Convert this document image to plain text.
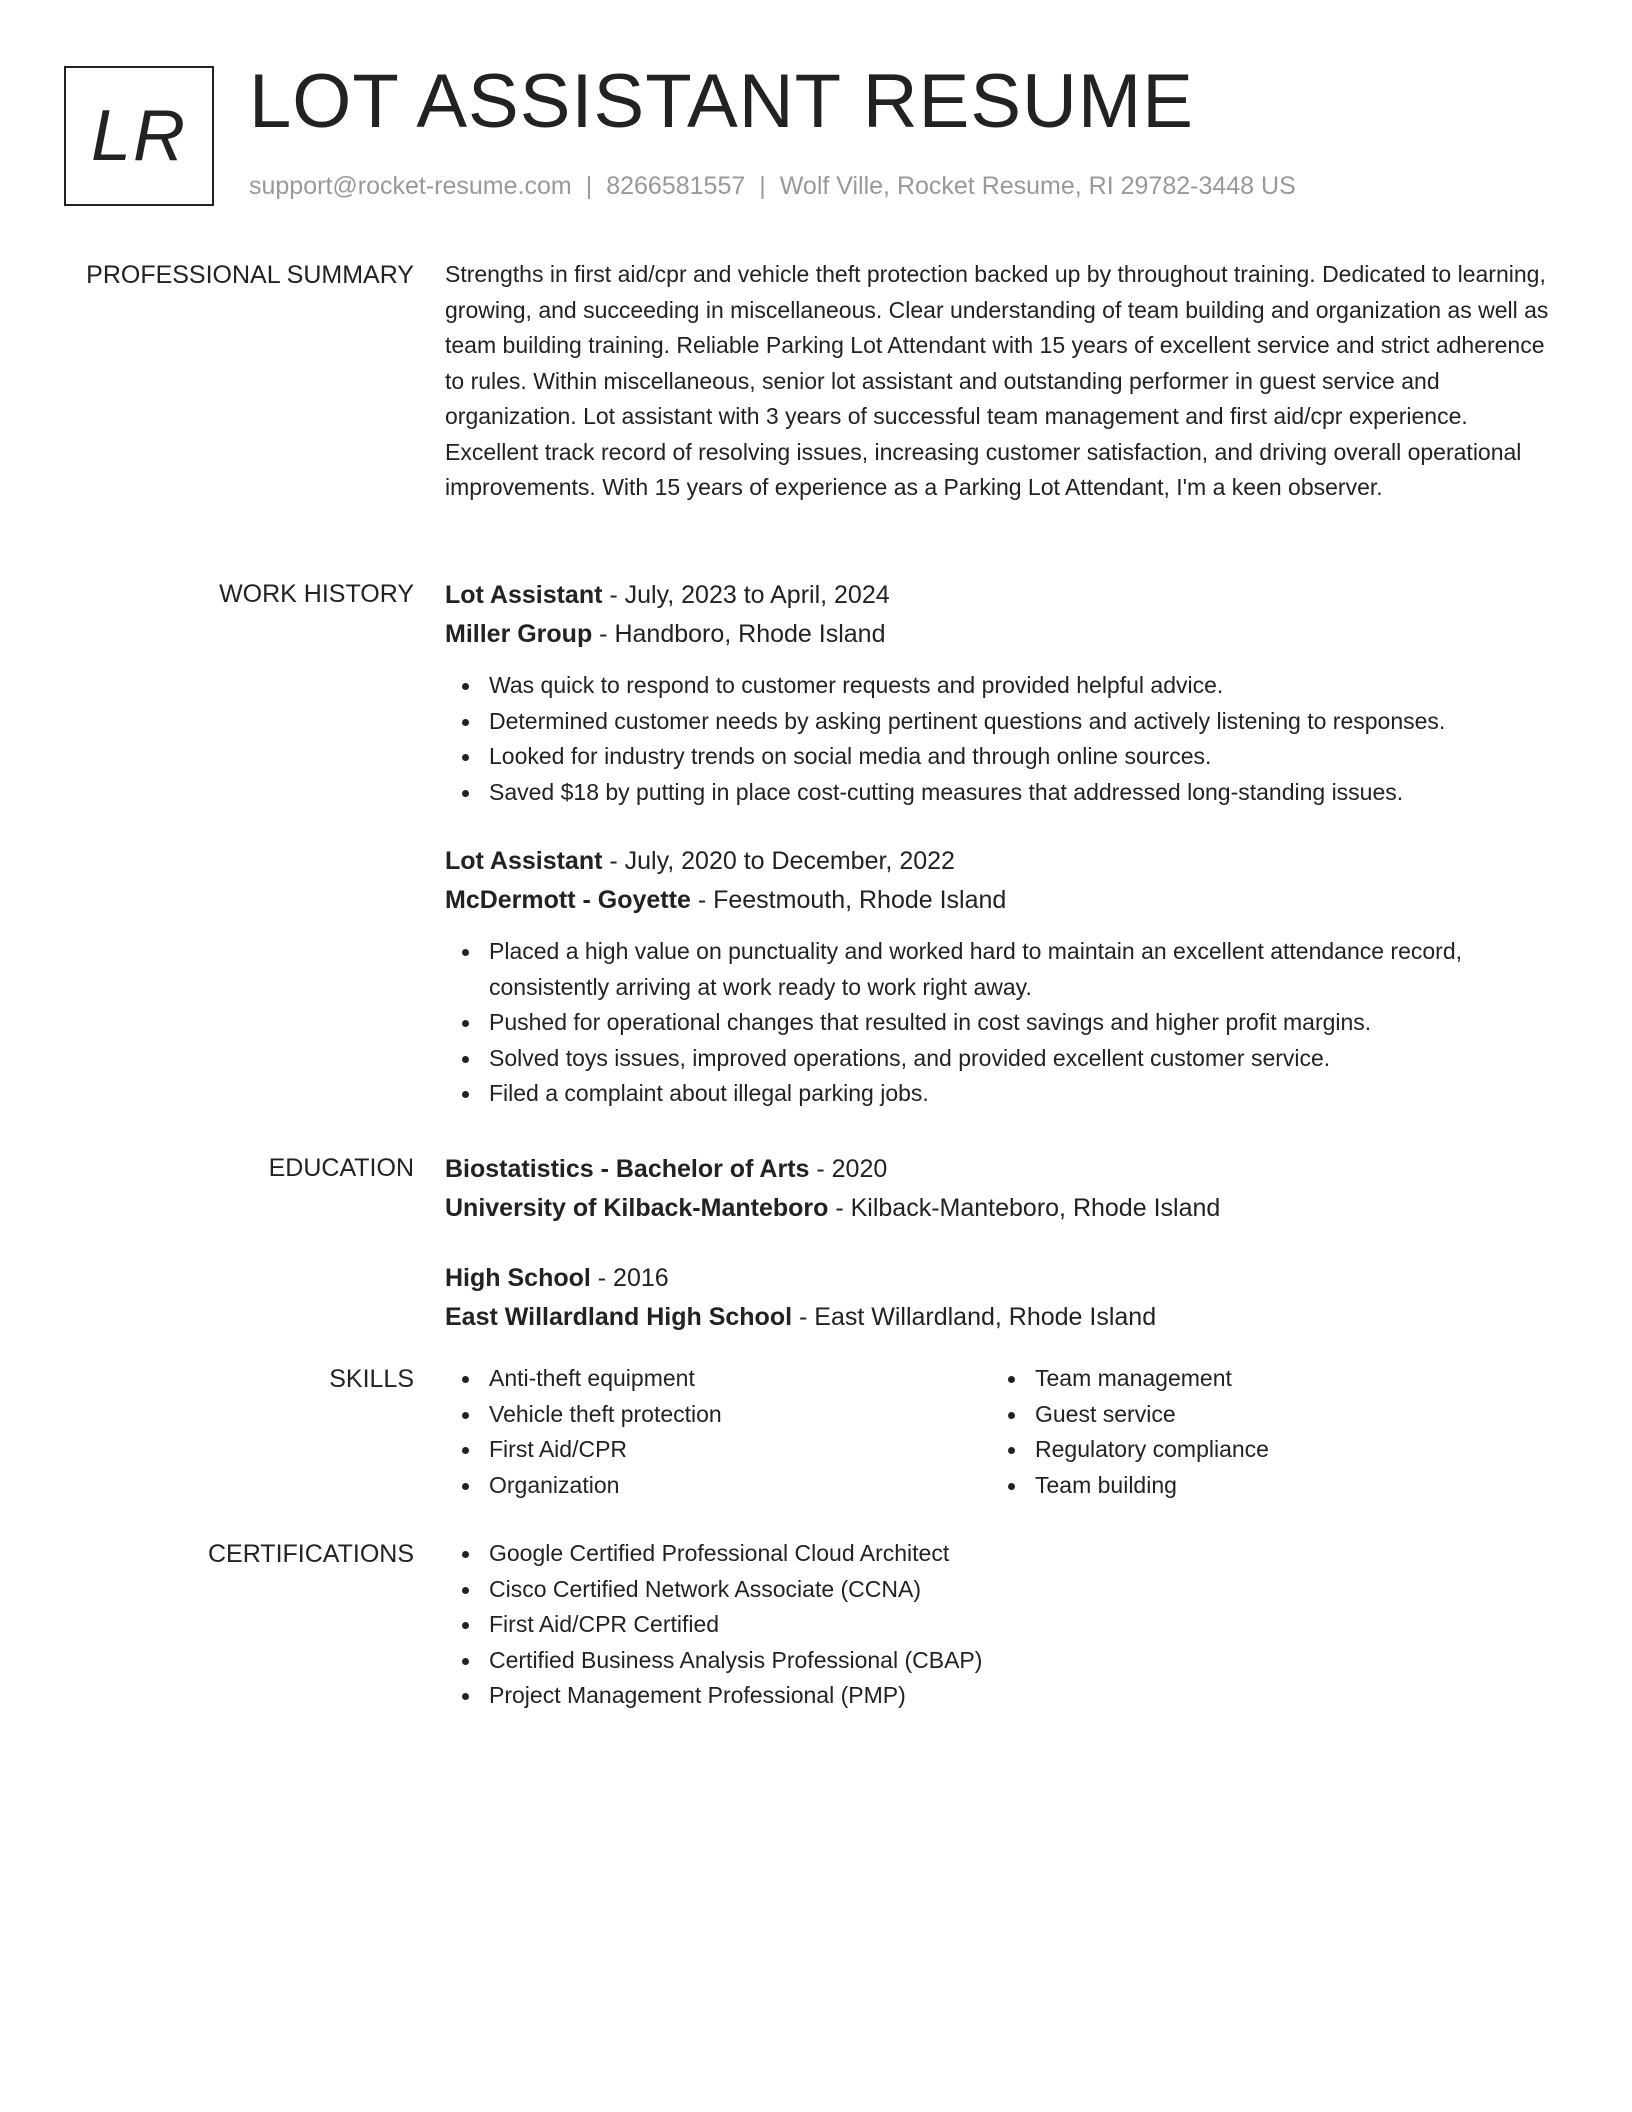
LR LOT ASSISTANT RESUME
support@rocket-resume.com | 8266581557 | Wolf Ville, Rocket Resume, RI 29782-3448 US
PROFESSIONAL SUMMARY Strengths in first aid/cpr and vehicle theft protection backed up by throughout training. Dedicated to learning, growing, and succeeding in miscellaneous. Clear understanding of team building and organization as well as team building training. Reliable Parking Lot Attendant with 15 years of excellent service and strict adherence to rules. Within miscellaneous, senior lot assistant and outstanding performer in guest service and organization. Lot assistant with 3 years of successful team management and first aid/cpr experience. Excellent track record of resolving issues, increasing customer satisfaction, and driving overall operational improvements. With 15 years of experience as a Parking Lot Attendant, I'm a keen observer.

WORK HISTORY Lot Assistant - July, 2023 to April, 2024
Miller Group - Handboro, Rhode Island
Was quick to respond to customer requests and provided helpful advice.
Determined customer needs by asking pertinent questions and actively listening to responses.
Looked for industry trends on social media and through online sources.
Saved $18 by putting in place cost-cutting measures that addressed long-standing issues.
Lot Assistant - July, 2020 to December, 2022
McDermott - Goyette - Feestmouth, Rhode Island
Placed a high value on punctuality and worked hard to maintain an excellent attendance record, consistently arriving at work ready to work right away.
Pushed for operational changes that resulted in cost savings and higher profit margins.
Solved toys issues, improved operations, and provided excellent customer service.
Filed a complaint about illegal parking jobs.
EDUCATION Biostatistics - Bachelor of Arts - 2020
University of Kilback-Manteboro - Kilback-Manteboro, Rhode Island
High School - 2016
East Willardland High School - East Willardland, Rhode Island
SKILLS	Anti-theft equipment
Vehicle theft protection
First Aid/CPR
Organization
Team management
Guest service
Regulatory compliance
Team building
CERTIFICATIONS	Google Certified Professional Cloud Architect
Cisco Certified Network Associate (CCNA)
First Aid/CPR Certified
Certified Business Analysis Professional (CBAP)
Project Management Professional (PMP)
